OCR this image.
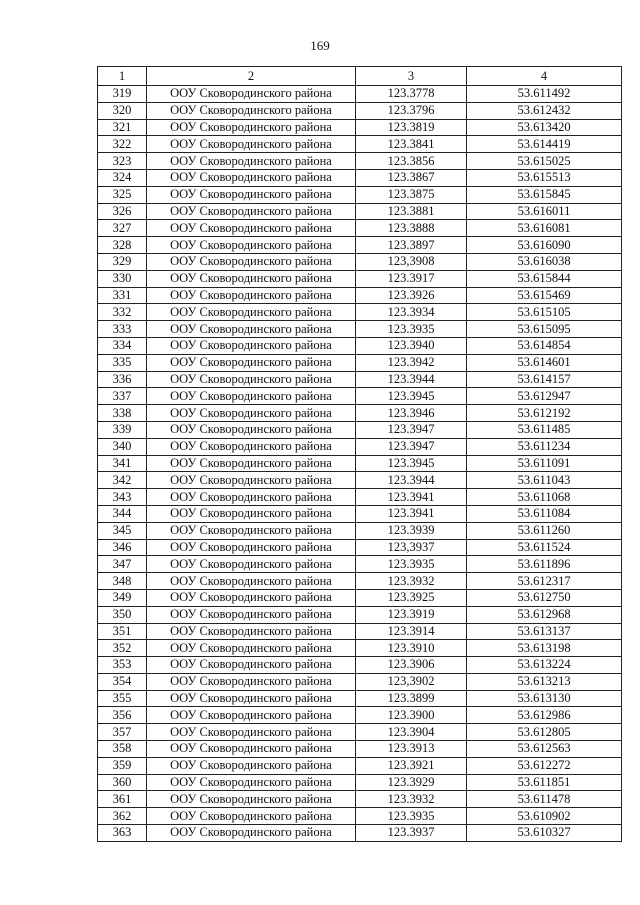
169
1	2	3	4
319	ООУ Сковородинского района	123.3778	53.611492
320	ООУ Сковородинского района	123.3796	53.612432
321	ООУ Сковородинского района	123.3819	53.613420
322	ООУ Сковородинского района	123.3841	53.614419
323	ООУ Сковородинского района	123.3856	53.615025
324	ООУ Сковородинского района	123.3867	53.615513
325	ООУ Сковородинского района	123.3875	53.615845
326	ООУ Сковородинского района	123.3881	53.616011
327	ООУ Сковородинского района	123.3888	53.616081
328	ООУ Сковородинского района	123.3897	53.616090
329	ООУ Сковородинского района	123,3908	53.616038
330	ООУ Сковородинского района	123.3917	53.615844
331	ООУ Сковородинского района	123.3926	53.615469
332	ООУ Сковородинского района	123.3934	53.615105
333	ООУ Сковородинского района	123.3935	53.615095
334	ООУ Сковородинского района	123.3940	53.614854
335	ООУ Сковородинского района	123.3942	53.614601
336	ООУ Сковородинского района	123.3944	53.614157
337	ООУ Сковородинского района	123.3945	53.612947
338	ООУ Сковородинского района	123.3946	53.612192
339	ООУ Сковородинского района	123.3947	53.611485
340	ООУ Сковородинского района	123.3947	53.611234
341	ООУ Сковородинского района	123.3945	53.611091
342	ООУ Сковородинского района	123.3944	53.611043
343	ООУ Сковородинского района	123.3941	53.611068
344	ООУ Сковородинского района	123.3941	53.611084
345	ООУ Сковородинского района	123.3939	53.611260
346	ООУ Сковородинского района	123,3937	53.611524
347	ООУ Сковородинского района	123.3935	53.611896
348	ООУ Сковородинского района	123.3932	53.612317
349	ООУ Сковородинского района	123.3925	53.612750
350	ООУ Сковородинского района	123.3919	53.612968
351	ООУ Сковородинского района	123.3914	53.613137
352	ООУ Сковородинского района	123.3910	53.613198
353	ООУ Сковородинского района	123.3906	53.613224
354	ООУ Сковородинского района	123,3902	53.613213
355	ООУ Сковородинского района	123.3899	53.613130
356	ООУ Сковородинского района	123.3900	53.612986
357	ООУ Сковородинского района	123.3904	53.612805
358	ООУ Сковородинского района	123.3913	53.612563
359	ООУ Сковородинского района	123.3921	53.612272
360	ООУ Сковородинского района	123.3929	53.611851
361	ООУ Сковородинского района	123.3932	53.611478
362	ООУ Сковородинского района	123.3935	53.610902
363	ООУ Сковородинского района	123.3937	53.610327
